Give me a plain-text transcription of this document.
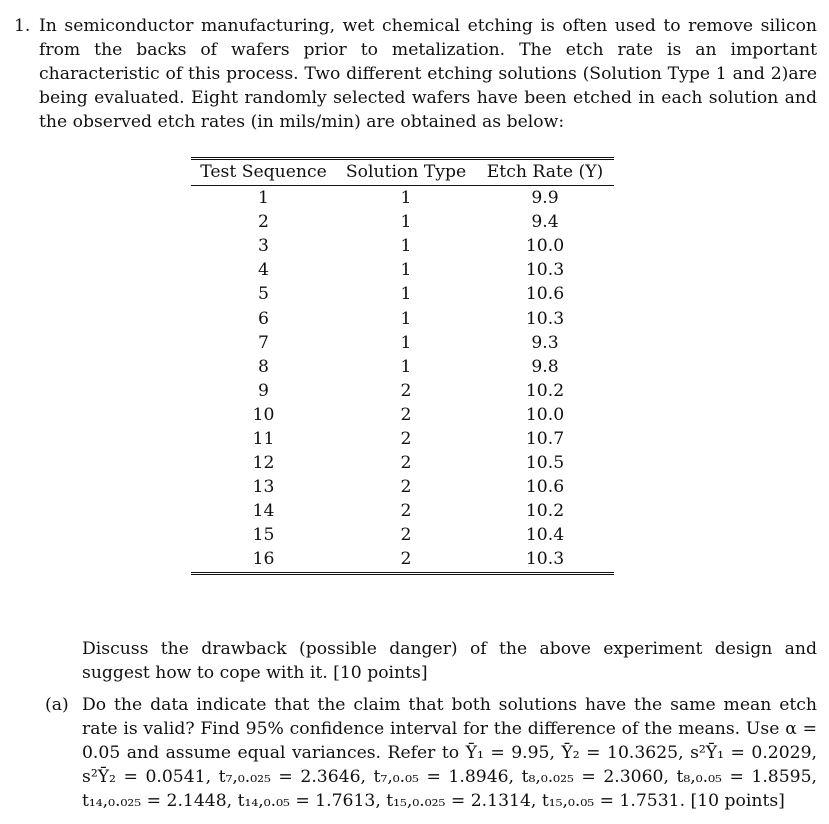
1. In semiconductor manufacturing, wet chemical etching is often used to remove silicon from the backs of wafers prior to metalization. The etch rate is an important characteristic of this process. Two different etching solutions (Solution Type 1 and 2)are being evaluated. Eight randomly selected wafers have been etched in each solution and the observed etch rates (in mils/min) are obtained as below:
Test Sequence	Solution Type	Etch Rate (Y)
1	1	9.9
2	1	9.4
3	1	10.0
4	1	10.3
5	1	10.6
6	1	10.3
7	1	9.3
8	1	9.8
9	2	10.2
10	2	10.0
11	2	10.7
12	2	10.5
13	2	10.6
14	2	10.2
15	2	10.4
16	2	10.3
Discuss the drawback (possible danger) of the above experiment design and suggest how to cope with it. [10 points]
(a) Do the data indicate that the claim that both solutions have the same mean etch rate is valid? Find 95% confidence interval for the difference of the means. Use α = 0.05 and assume equal variances. Refer to Ȳ₁ = 9.95, Ȳ₂ = 10.3625, s²Ȳ₁ = 0.2029, s²Ȳ₂ = 0.0541, t₇,₀.₀₂₅ = 2.3646, t₇,₀.₀₅ = 1.8946, t₈,₀.₀₂₅ = 2.3060, t₈,₀.₀₅ = 1.8595, t₁₄,₀.₀₂₅ = 2.1448, t₁₄,₀.₀₅ = 1.7613, t₁₅,₀.₀₂₅ = 2.1314, t₁₅,₀.₀₅ = 1.7531. [10 points]
